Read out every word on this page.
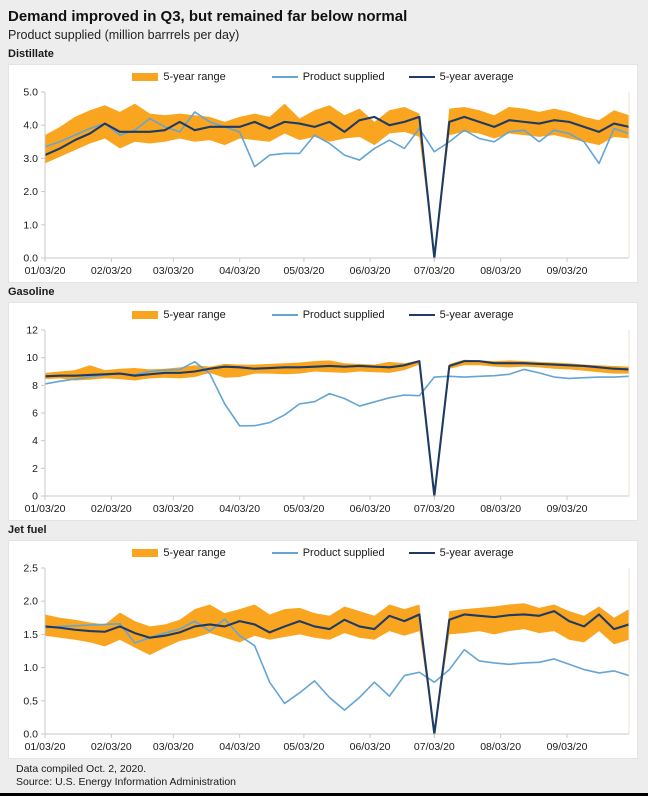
Demand improved in Q3, but remained far below normal
Product supplied (million barrrels per day)
Distillate
5-year range	Product supplied	5-year average
0.0
1.0
2.0
3.0
4.0
5.0
01/03/20 02/03/20 03/03/20 04/03/20 05/03/20 06/03/20 07/03/20 08/03/20 09/03/20
Gasoline
5-year range	Product supplied	5-year average
0
2
4
6
8
10
12
01/03/20 02/03/20 03/03/20 04/03/20 05/03/20 06/03/20 07/03/20 08/03/20 09/03/20
Jet fuel
5-year range	Product supplied	5-year average
0.0
0.5
1.0
1.5
2.0
2.5
01/03/20 02/03/20 03/03/20 04/03/20 05/03/20 06/03/20 07/03/20 08/03/20 09/03/20
Data compiled Oct. 2, 2020.
Source: U.S. Energy Information Administration
